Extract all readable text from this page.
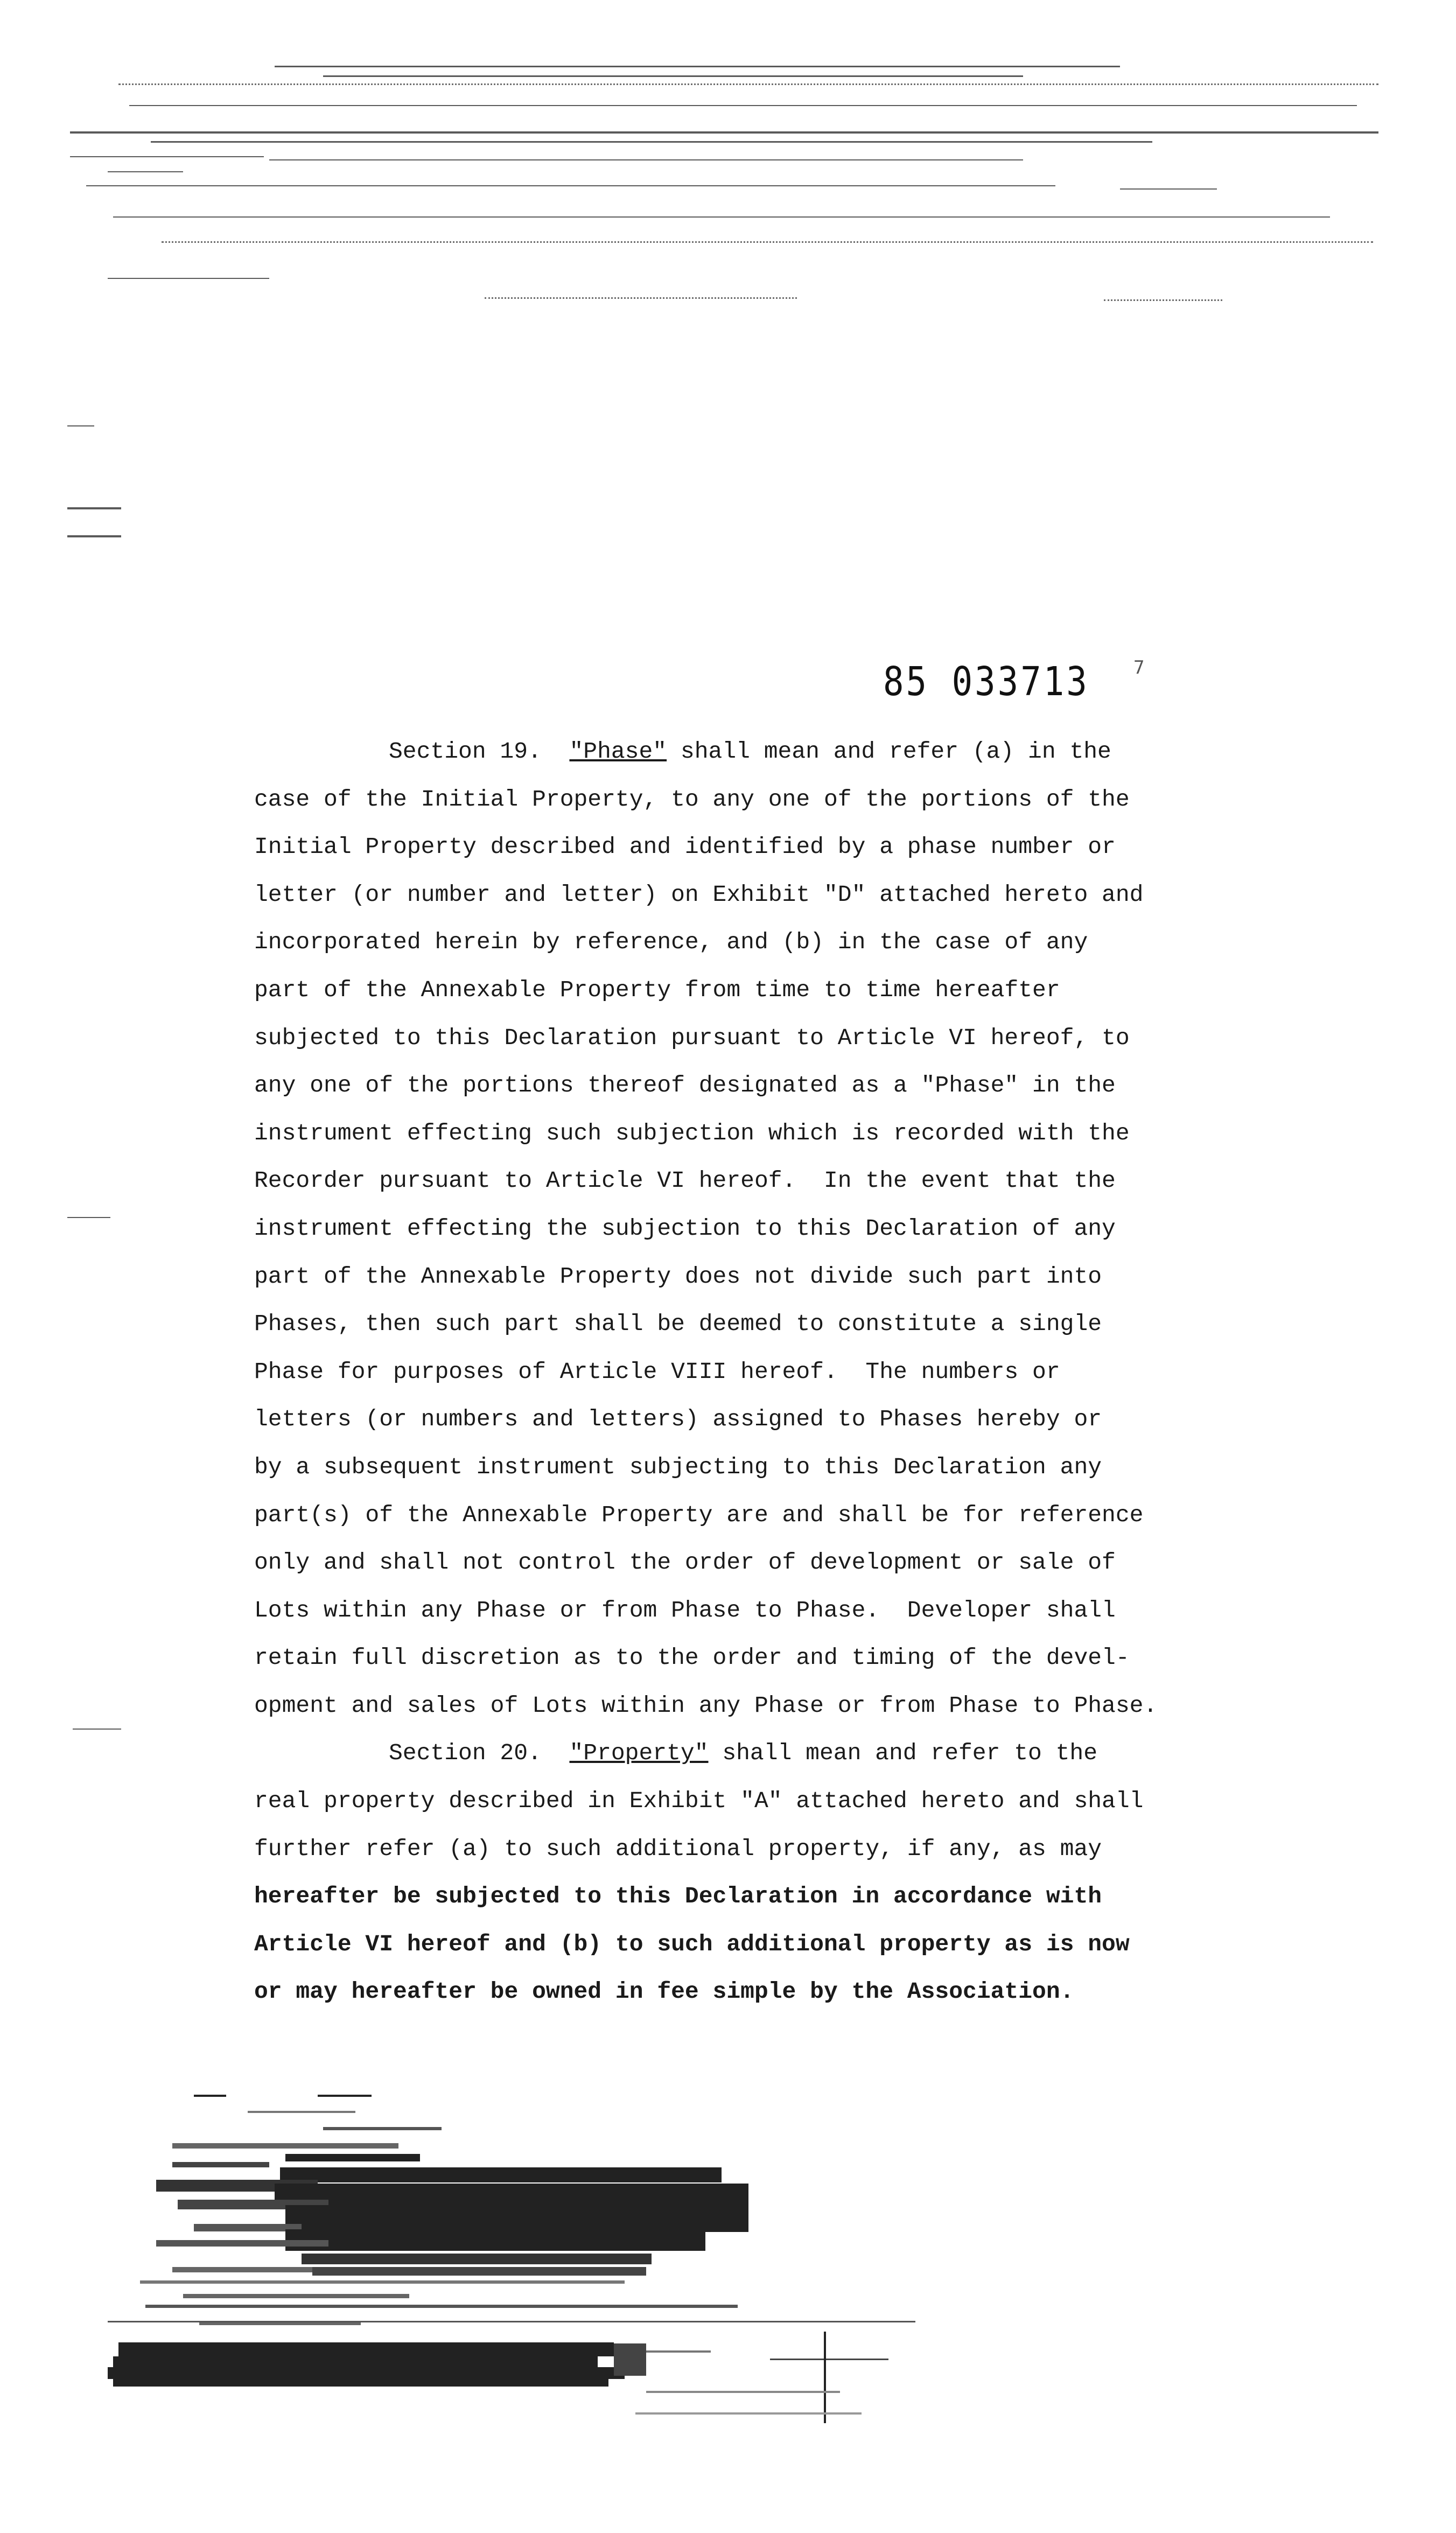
85 033713 7
Section 19. "Phase" shall mean and refer (a) in the
case of the Initial Property, to any one of the portions of the
Initial Property described and identified by a phase number or
letter (or number and letter) on Exhibit "D" attached hereto and
incorporated herein by reference, and (b) in the case of any
part of the Annexable Property from time to time hereafter
subjected to this Declaration pursuant to Article VI hereof, to
any one of the portions thereof designated as a "Phase" in the
instrument effecting such subjection which is recorded with the
Recorder pursuant to Article VI hereof.  In the event that the
instrument effecting the subjection to this Declaration of any
part of the Annexable Property does not divide such part into
Phases, then such part shall be deemed to constitute a single
Phase for purposes of Article VIII hereof.  The numbers or
letters (or numbers and letters) assigned to Phases hereby or
by a subsequent instrument subjecting to this Declaration any
part(s) of the Annexable Property are and shall be for reference
only and shall not control the order of development or sale of
Lots within any Phase or from Phase to Phase.  Developer shall
retain full discretion as to the order and timing of the devel-
opment and sales of Lots within any Phase or from Phase to Phase.
Section 20. "Property" shall mean and refer to the
real property described in Exhibit "A" attached hereto and shall
further refer (a) to such additional property, if any, as may
hereafter be subjected to this Declaration in accordance with
Article VI hereof and (b) to such additional property as is now
or may hereafter be owned in fee simple by the Association.
